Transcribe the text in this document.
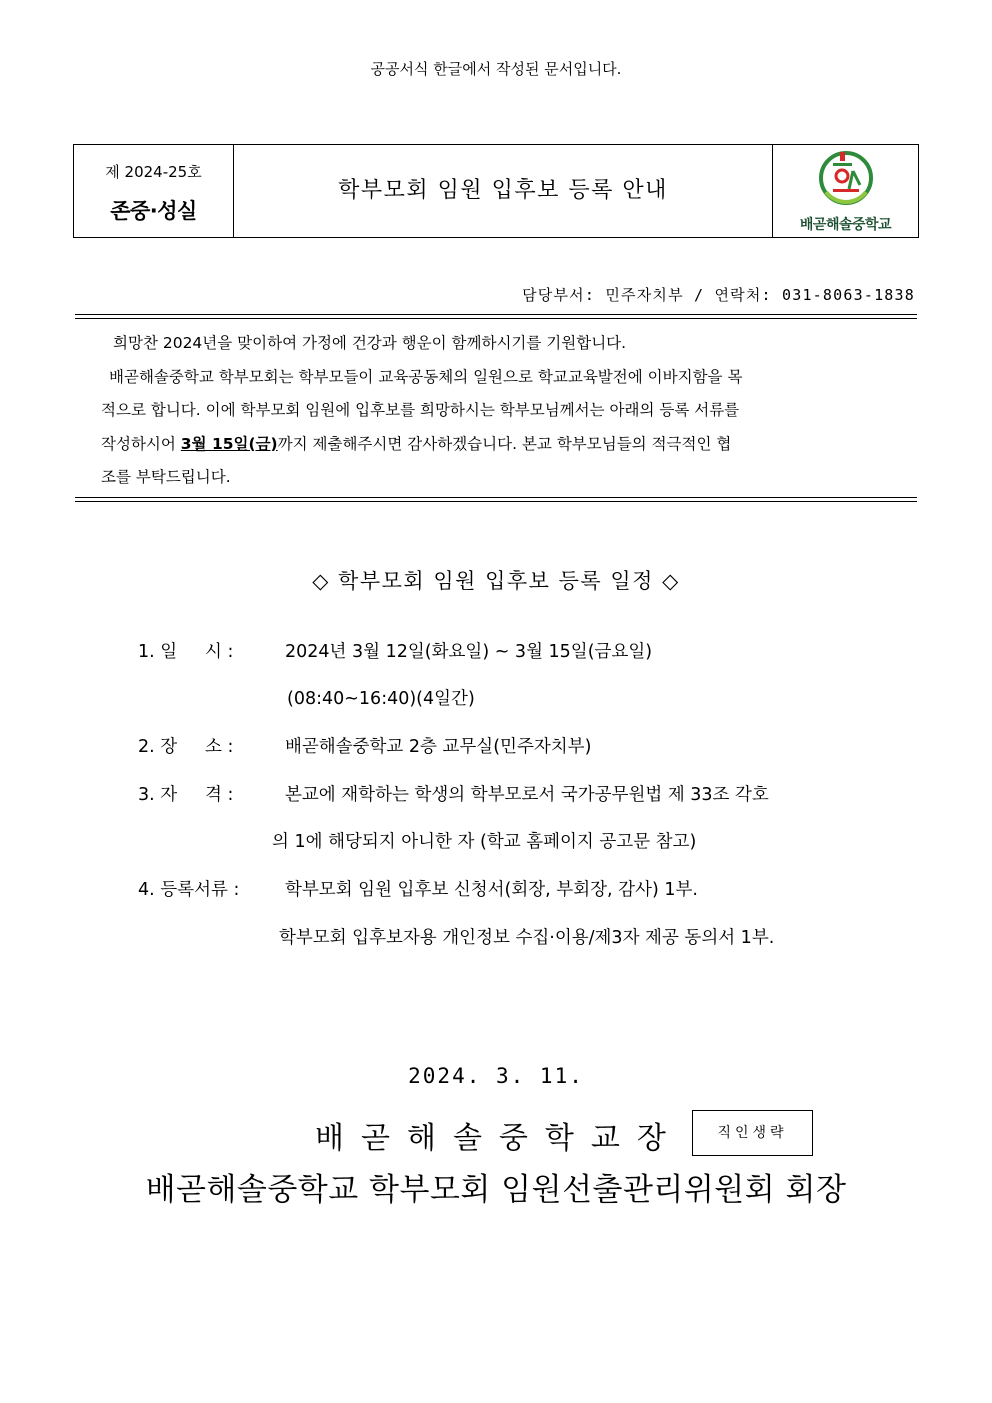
공공서식 한글에서 작성된 문서입니다.
제 2024-25호
존중·성실
학부모회 임원 입후보 등록 안내
배곧해솔중학교
담당부서: 민주자치부 / 연락처: 031-8063-1838

희망찬 2024년을 맞이하여 가정에 건강과 행운이 함께하시기를 기원합니다.

배곧해솔중학교 학부모회는 학부모들이 교육공동체의 일원으로 학교교육발전에 이바지함을 목

적으로 합니다. 이에 학부모회 임원에 입후보를 희망하시는 학부모님께서는 아래의 등록 서류를

작성하시어 3월 15일(금)까지 제출해주시면 감사하겠습니다. 본교 학부모님들의 적극적인 협

조를 부탁드립니다.

◇ 학부모회 임원 입후보 등록 일정 ◇
1. 일     시 :	2024년 3월 12일(화요일) ~ 3월 15일(금요일)
(08:40~16:40)(4일간)
2. 장     소 :	배곧해솔중학교 2층 교무실(민주자치부)
3. 자     격 :	본교에 재학하는 학생의 학부모로서 국가공무원법 제 33조 각호
의 1에 해당되지 아니한 자 (학교 홈페이지 공고문 참고)
4. 등록서류 :	학부모회 임원 입후보 신청서(회장, 부회장, 감사) 1부.
학부모회 입후보자용 개인정보 수집·이용/제3자 제공 동의서 1부.
2024. 3. 11.
배곧해솔중학교장	직인생략
배곧해솔중학교 학부모회 임원선출관리위원회 회장
